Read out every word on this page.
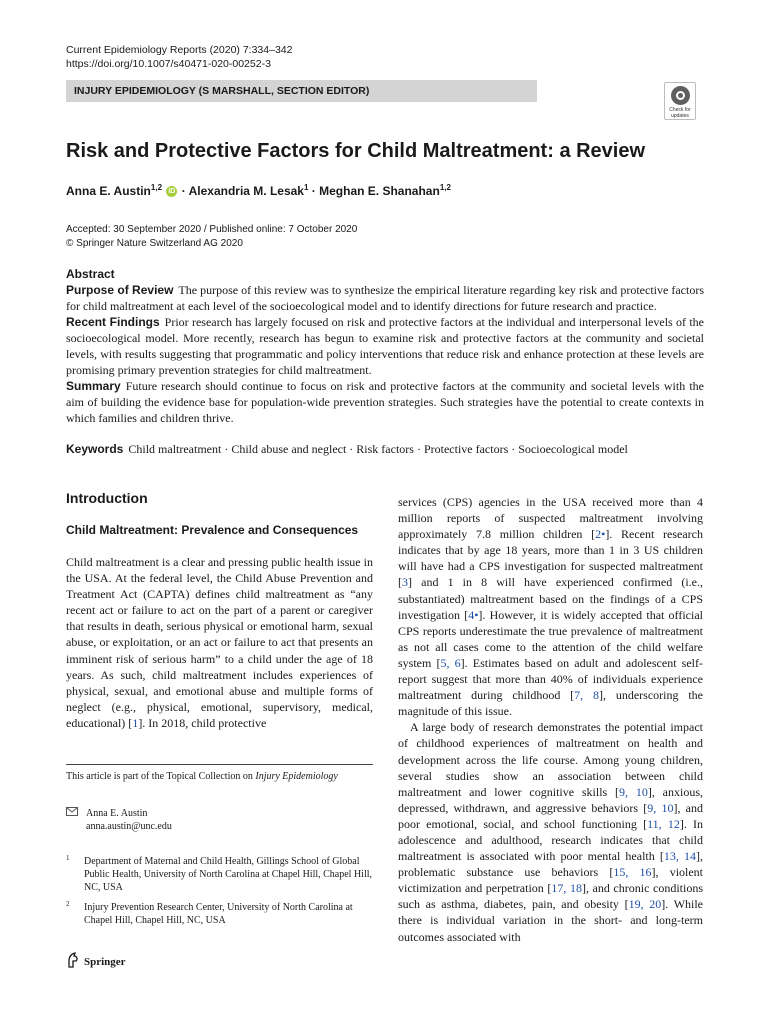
Current Epidemiology Reports (2020) 7:334–342
https://doi.org/10.1007/s40471-020-00252-3
INJURY EPIDEMIOLOGY (S MARSHALL, SECTION EDITOR)
Check for
updates
Risk and Protective Factors for Child Maltreatment: a Review
Anna E. Austin$^{1,2}$ iD · Alexandria M. Lesak$^1$ · Meghan E. Shanahan$^{1,2}$
Accepted: 30 September 2020 / Published online: 7 October 2020
© Springer Nature Switzerland AG 2020
Abstract

Purpose of Review The purpose of this review was to synthesize the empirical literature regarding key risk and protective factors for child maltreatment at each level of the socioecological model and to identify directions for future research and practice.

Recent Findings Prior research has largely focused on risk and protective factors at the individual and interpersonal levels of the socioecological model. More recently, research has begun to examine risk and protective factors at the community and societal levels, with results suggesting that programmatic and policy interventions that reduce risk and enhance protection at these levels are promising primary prevention strategies for child maltreatment.

Summary Future research should continue to focus on risk and protective factors at the community and societal levels with the aim of building the evidence base for population-wide prevention strategies. Such strategies have the potential to create contexts in which families and children thrive.

Keywords Child maltreatment · Child abuse and neglect · Risk factors · Protective factors · Socioecological model
Introduction
Child Maltreatment: Prevalence and Consequences

Child maltreatment is a clear and pressing public health issue in the USA. At the federal level, the Child Abuse Prevention and Treatment Act (CAPTA) defines child maltreatment as “any recent act or failure to act on the part of a parent or caregiver that results in death, serious physical or emotional harm, sexual abuse, or exploitation, or an act or failure to act that presents an imminent risk of serious harm” to a child under the age of 18 years. As such, child maltreatment includes experiences of physical, sexual, and emotional abuse and multiple forms of neglect (e.g., physical, emotional, supervisory, medical, educational) [1]. In 2018, child protective

services (CPS) agencies in the USA received more than 4 million reports of suspected maltreatment involving approximately 7.8 million children [2•]. Recent research indicates that by age 18 years, more than 1 in 3 US children will have had a CPS investigation for suspected maltreatment [3] and 1 in 8 will have experienced confirmed (i.e., substantiated) maltreatment based on the findings of a CPS investigation [4•]. However, it is widely accepted that official CPS reports underestimate the true prevalence of maltreatment as not all cases come to the attention of the child welfare system [5, 6]. Estimates based on adult and adolescent self-report suggest that more than 40% of individuals experience maltreatment during childhood [7, 8], underscoring the magnitude of this issue.

A large body of research demonstrates the potential impact of childhood experiences of maltreatment on health and development across the life course. Among young children, several studies show an association between child maltreatment and lower cognitive skills [9, 10], anxious, depressed, withdrawn, and aggressive behaviors [9, 10], and poor emotional, social, and school functioning [11, 12]. In adolescence and adulthood, research indicates that child maltreatment is associated with poor mental health [13, 14], problematic substance use behaviors [15, 16], violent victimization and perpetration [17, 18], and chronic conditions such as asthma, diabetes, pain, and obesity [19, 20]. While there is individual variation in the short- and long-term outcomes associated with

This article is part of the Topical Collection on Injury Epidemiology
Anna E. Austin
anna.austin@unc.edu
1 Department of Maternal and Child Health, Gillings School of Global Public Health, University of North Carolina at Chapel Hill, Chapel Hill, NC, USA
2 Injury Prevention Research Center, University of North Carolina at Chapel Hill, Chapel Hill, NC, USA
Springer
